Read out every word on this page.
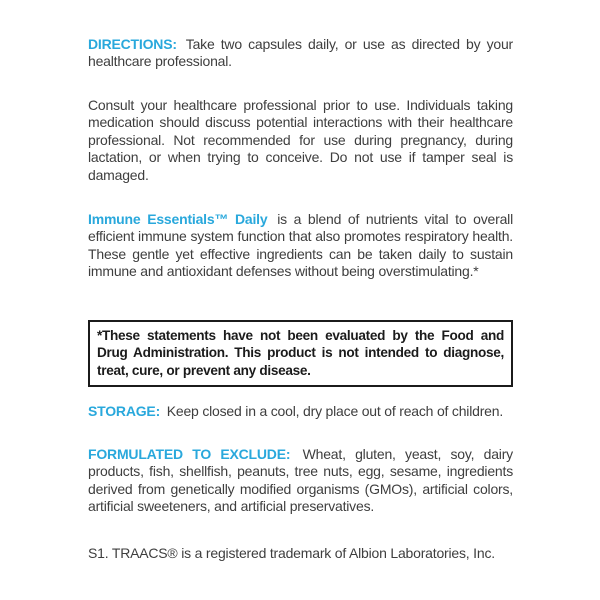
DIRECTIONS: Take two capsules daily, or use as directed by your healthcare professional.

Consult your healthcare professional prior to use. Individuals taking medication should discuss potential interactions with their healthcare professional. Not recommended for use during pregnancy, during lactation, or when trying to conceive. Do not use if tamper seal is damaged.

Immune Essentials™ Daily is a blend of nutrients vital to overall efficient immune system function that also promotes respiratory health. These gentle yet effective ingredients can be taken daily to sustain immune and antioxidant defenses without being overstimulating.*

*These statements have not been evaluated by the Food and Drug Administration. This product is not intended to diagnose, treat, cure, or prevent any disease.

STORAGE: Keep closed in a cool, dry place out of reach of children.

FORMULATED TO EXCLUDE: Wheat, gluten, yeast, soy, dairy products, fish, shellfish, peanuts, tree nuts, egg, sesame, ingredients derived from genetically modified organisms (GMOs), artificial colors, artificial sweeteners, and artificial preservatives.

S1. TRAACS® is a registered trademark of Albion Laboratories, Inc.
